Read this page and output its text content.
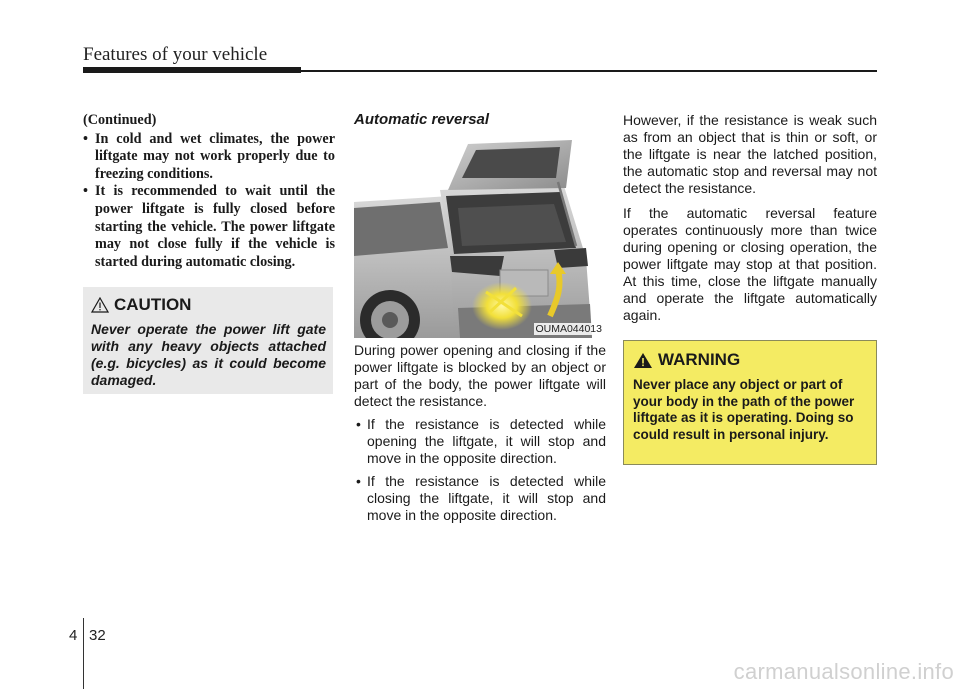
Features of your vehicle
(Continued)
• In cold and wet climates, the power liftgate may not work properly due to freezing conditions.
• It is recommended to wait until the power liftgate is fully closed before starting the vehicle. The power liftgate may not close fully if the vehicle is started during automatic closing.
CAUTION
Never operate the power lift gate with any heavy objects attached (e.g. bicycles) as it could become damaged.
Automatic reversal
OUMA044013

During power opening and closing if the power liftgate is blocked by an object or part of the body, the power liftgate will detect the resistance.

• If the resistance is detected while opening the liftgate, it will stop and move in the opposite direction.
• If the resistance is detected while closing the liftgate, it will stop and move in the opposite direction.

However, if the resistance is weak such as from an object that is thin or soft, or the liftgate is near the latched position, the automatic stop and reversal may not detect the resistance.

If the automatic reversal feature operates continuously more than twice during opening or closing operation, the power liftgate may stop at that position. At this time, close the liftgate manually and operate the liftgate automatically again.

WARNING
Never place any object or part of your body in the path of the power liftgate as it is operating. Doing so could result in personal injury.
4 32
carmanualsonline.info
